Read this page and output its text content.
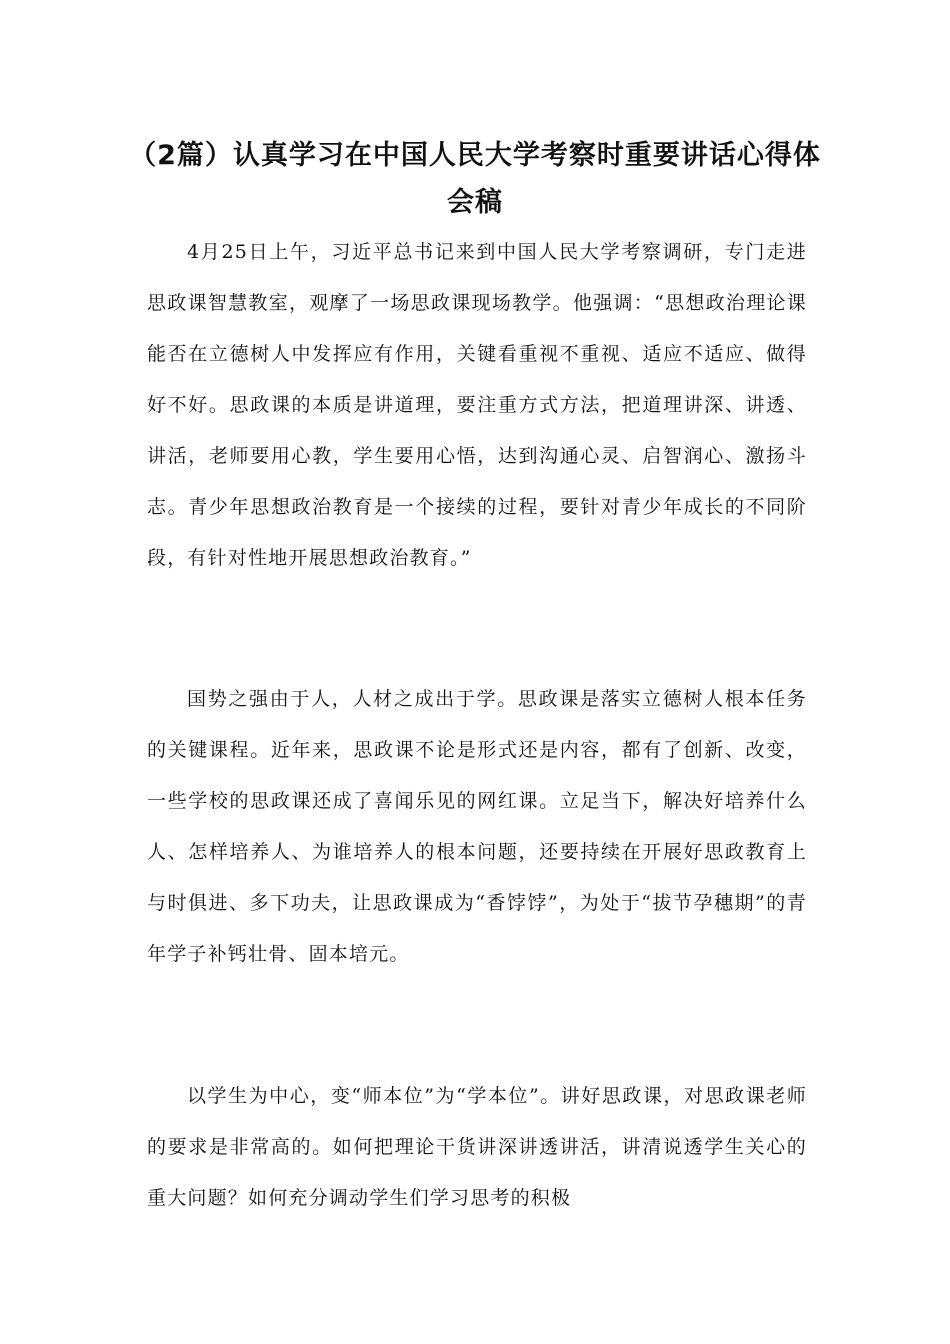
（2篇）认真学习在中国人民大学考察时重要讲话心得体会稿

4月25日上午，习近平总书记来到中国人民大学考察调研，专门走进思政课智慧教室，观摩了一场思政课现场教学。他强调：“思想政治理论课能否在立德树人中发挥应有作用，关键看重视不重视、适应不适应、做得好不好。思政课的本质是讲道理，要注重方式方法，把道理讲深、讲透、讲活，老师要用心教，学生要用心悟，达到沟通心灵、启智润心、激扬斗志。青少年思想政治教育是一个接续的过程，要针对青少年成长的不同阶段，有针对性地开展思想政治教育。”

国势之强由于人，人材之成出于学。思政课是落实立德树人根本任务的关键课程。近年来，思政课不论是形式还是内容，都有了创新、改变，一些学校的思政课还成了喜闻乐见的网红课。立足当下，解决好培养什么人、怎样培养人、为谁培养人的根本问题，还要持续在开展好思政教育上与时俱进、多下功夫，让思政课成为“香饽饽”，为处于“拔节孕穗期”的青年学子补钙壮骨、固本培元。

以学生为中心，变“师本位”为“学本位”。讲好思政课，对思政课老师的要求是非常高的。如何把理论干货讲深讲透讲活，讲清说透学生关心的重大问题？如何充分调动学生们学习思考的积极
